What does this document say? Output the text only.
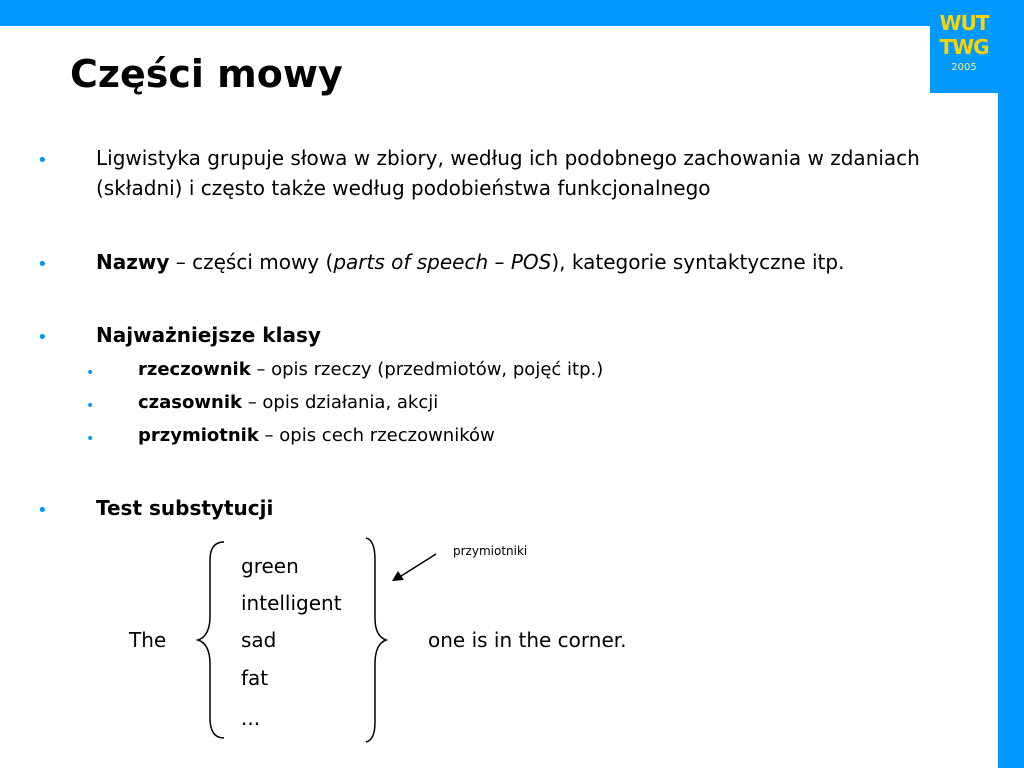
WUT
TWG
2005
Części mowy
• Ligwistyka grupuje słowa w zbiory, według ich podobnego zachowania w zdaniach (składni) i często także według podobieństwa funkcjonalnego
• Nazwy – części mowy (parts of speech – POS), kategorie syntaktyczne itp.
• Najważniejsze klasy
• rzeczownik – opis rzeczy (przedmiotów, pojęć itp.)
• czasownik – opis działania, akcji
• przymiotnik – opis cech rzeczowników
• Test substytucji
The
green
intelligent
sad
fat
...
one is in the corner.
przymiotniki
